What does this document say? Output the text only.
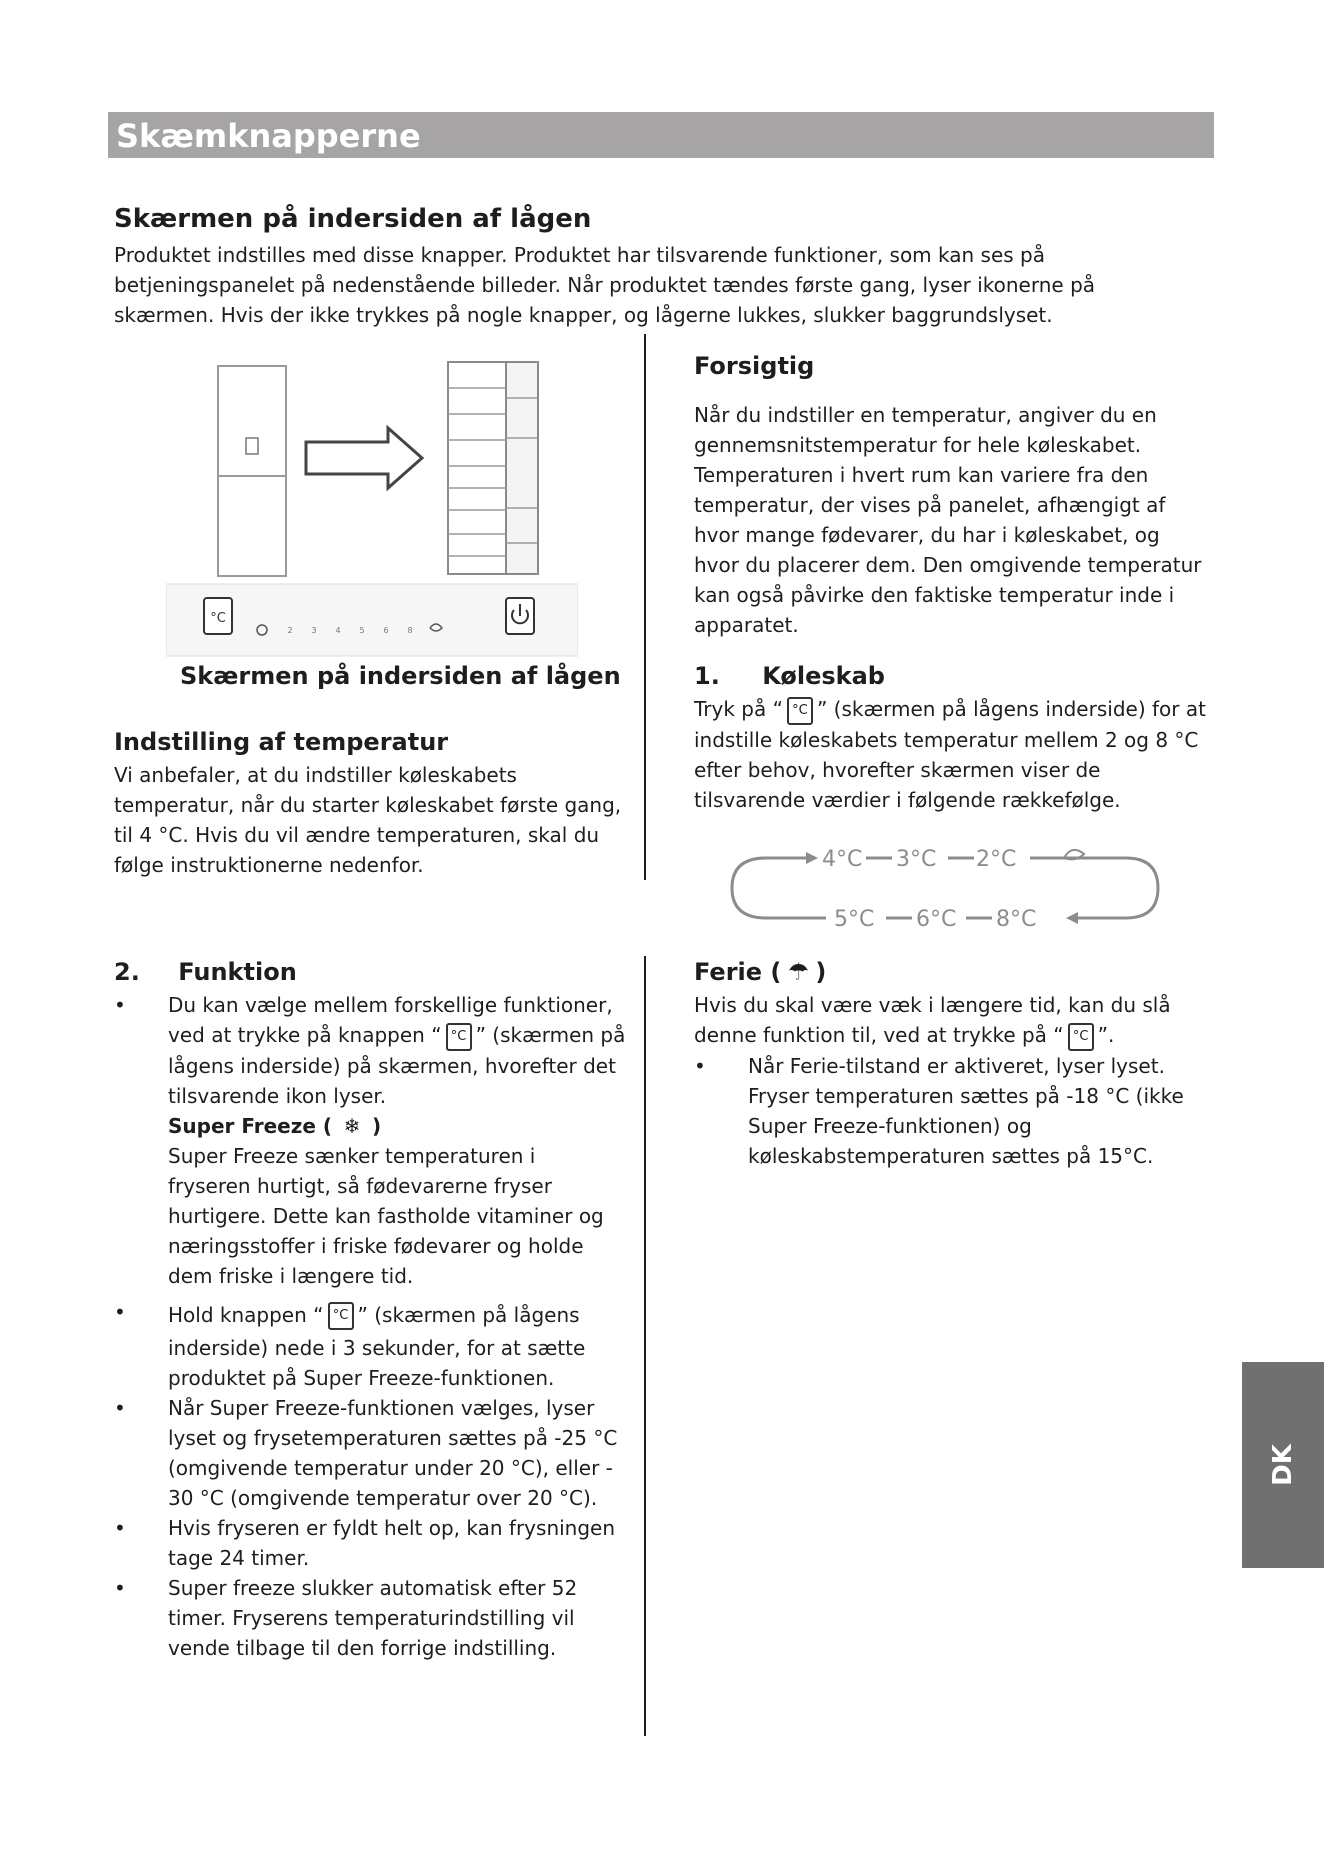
Skæmknapperne
Skærmen på indersiden af lågen

Produktet indstilles med disse knapper. Produktet har tilsvarende funktioner, som kan ses på

betjeningspanelet på nedenstående billeder. Når produktet tændes første gang, lyser ikonerne på

skærmen. Hvis der ikke trykkes på nogle knapper, og lågerne lukkes, slukker baggrundslyset.

°C
2 3 4 5 6 8
Skærmen på indersiden af lågen
Indstilling af temperatur

Vi anbefaler, at du indstiller køleskabets

temperatur, når du starter køleskabet første gang,

til 4 °C. Hvis du vil ændre temperaturen, skal du

følge instruktionerne nedenfor.

Forsigtig

Når du indstiller en temperatur, angiver du en

gennemsnitstemperatur for hele køleskabet.

Temperaturen i hvert rum kan variere fra den

temperatur, der vises på panelet, afhængigt af

hvor mange fødevarer, du har i køleskabet, og

hvor du placerer dem. Den omgivende temperatur

kan også påvirke den faktiske temperatur inde i

apparatet.

1. Køleskab

Tryk på “ °C ” (skærmen på lågens inderside) for at

indstille køleskabets temperatur mellem 2 og 8 °C

efter behov, hvorefter skærmen viser de

tilsvarende værdier i følgende rækkefølge.

4°C 3°C 2°C
5°C 6°C 8°C
2. Funktion
• Du kan vælge mellem forskellige funktioner,

ved at trykke på knappen “ °C ” (skærmen på

lågens inderside) på skærmen, hvorefter det

tilsvarende ikon lyser.

Super Freeze ( ❄ )

Super Freeze sænker temperaturen i

fryseren hurtigt, så fødevarerne fryser

hurtigere. Dette kan fastholde vitaminer og

næringsstoffer i friske fødevarer og holde

dem friske i længere tid.

• Hold knappen “ °C ” (skærmen på lågens

inderside) nede i 3 sekunder, for at sætte

produktet på Super Freeze-funktionen.

• Når Super Freeze-funktionen vælges, lyser

lyset og frysetemperaturen sættes på -25 °C

(omgivende temperatur under 20 °C), eller -

30 °C (omgivende temperatur over 20 °C).

• Hvis fryseren er fyldt helt op, kan frysningen

tage 24 timer.

• Super freeze slukker automatisk efter 52

timer. Fryserens temperaturindstilling vil

vende tilbage til den forrige indstilling.

Ferie ( ☂ )

Hvis du skal være væk i længere tid, kan du slå

denne funktion til, ved at trykke på “ °C ”.

• Når Ferie-tilstand er aktiveret, lyser lyset.

Fryser temperaturen sættes på -18 °C (ikke

Super Freeze-funktionen) og

køleskabstemperaturen sættes på 15°C.

DK
